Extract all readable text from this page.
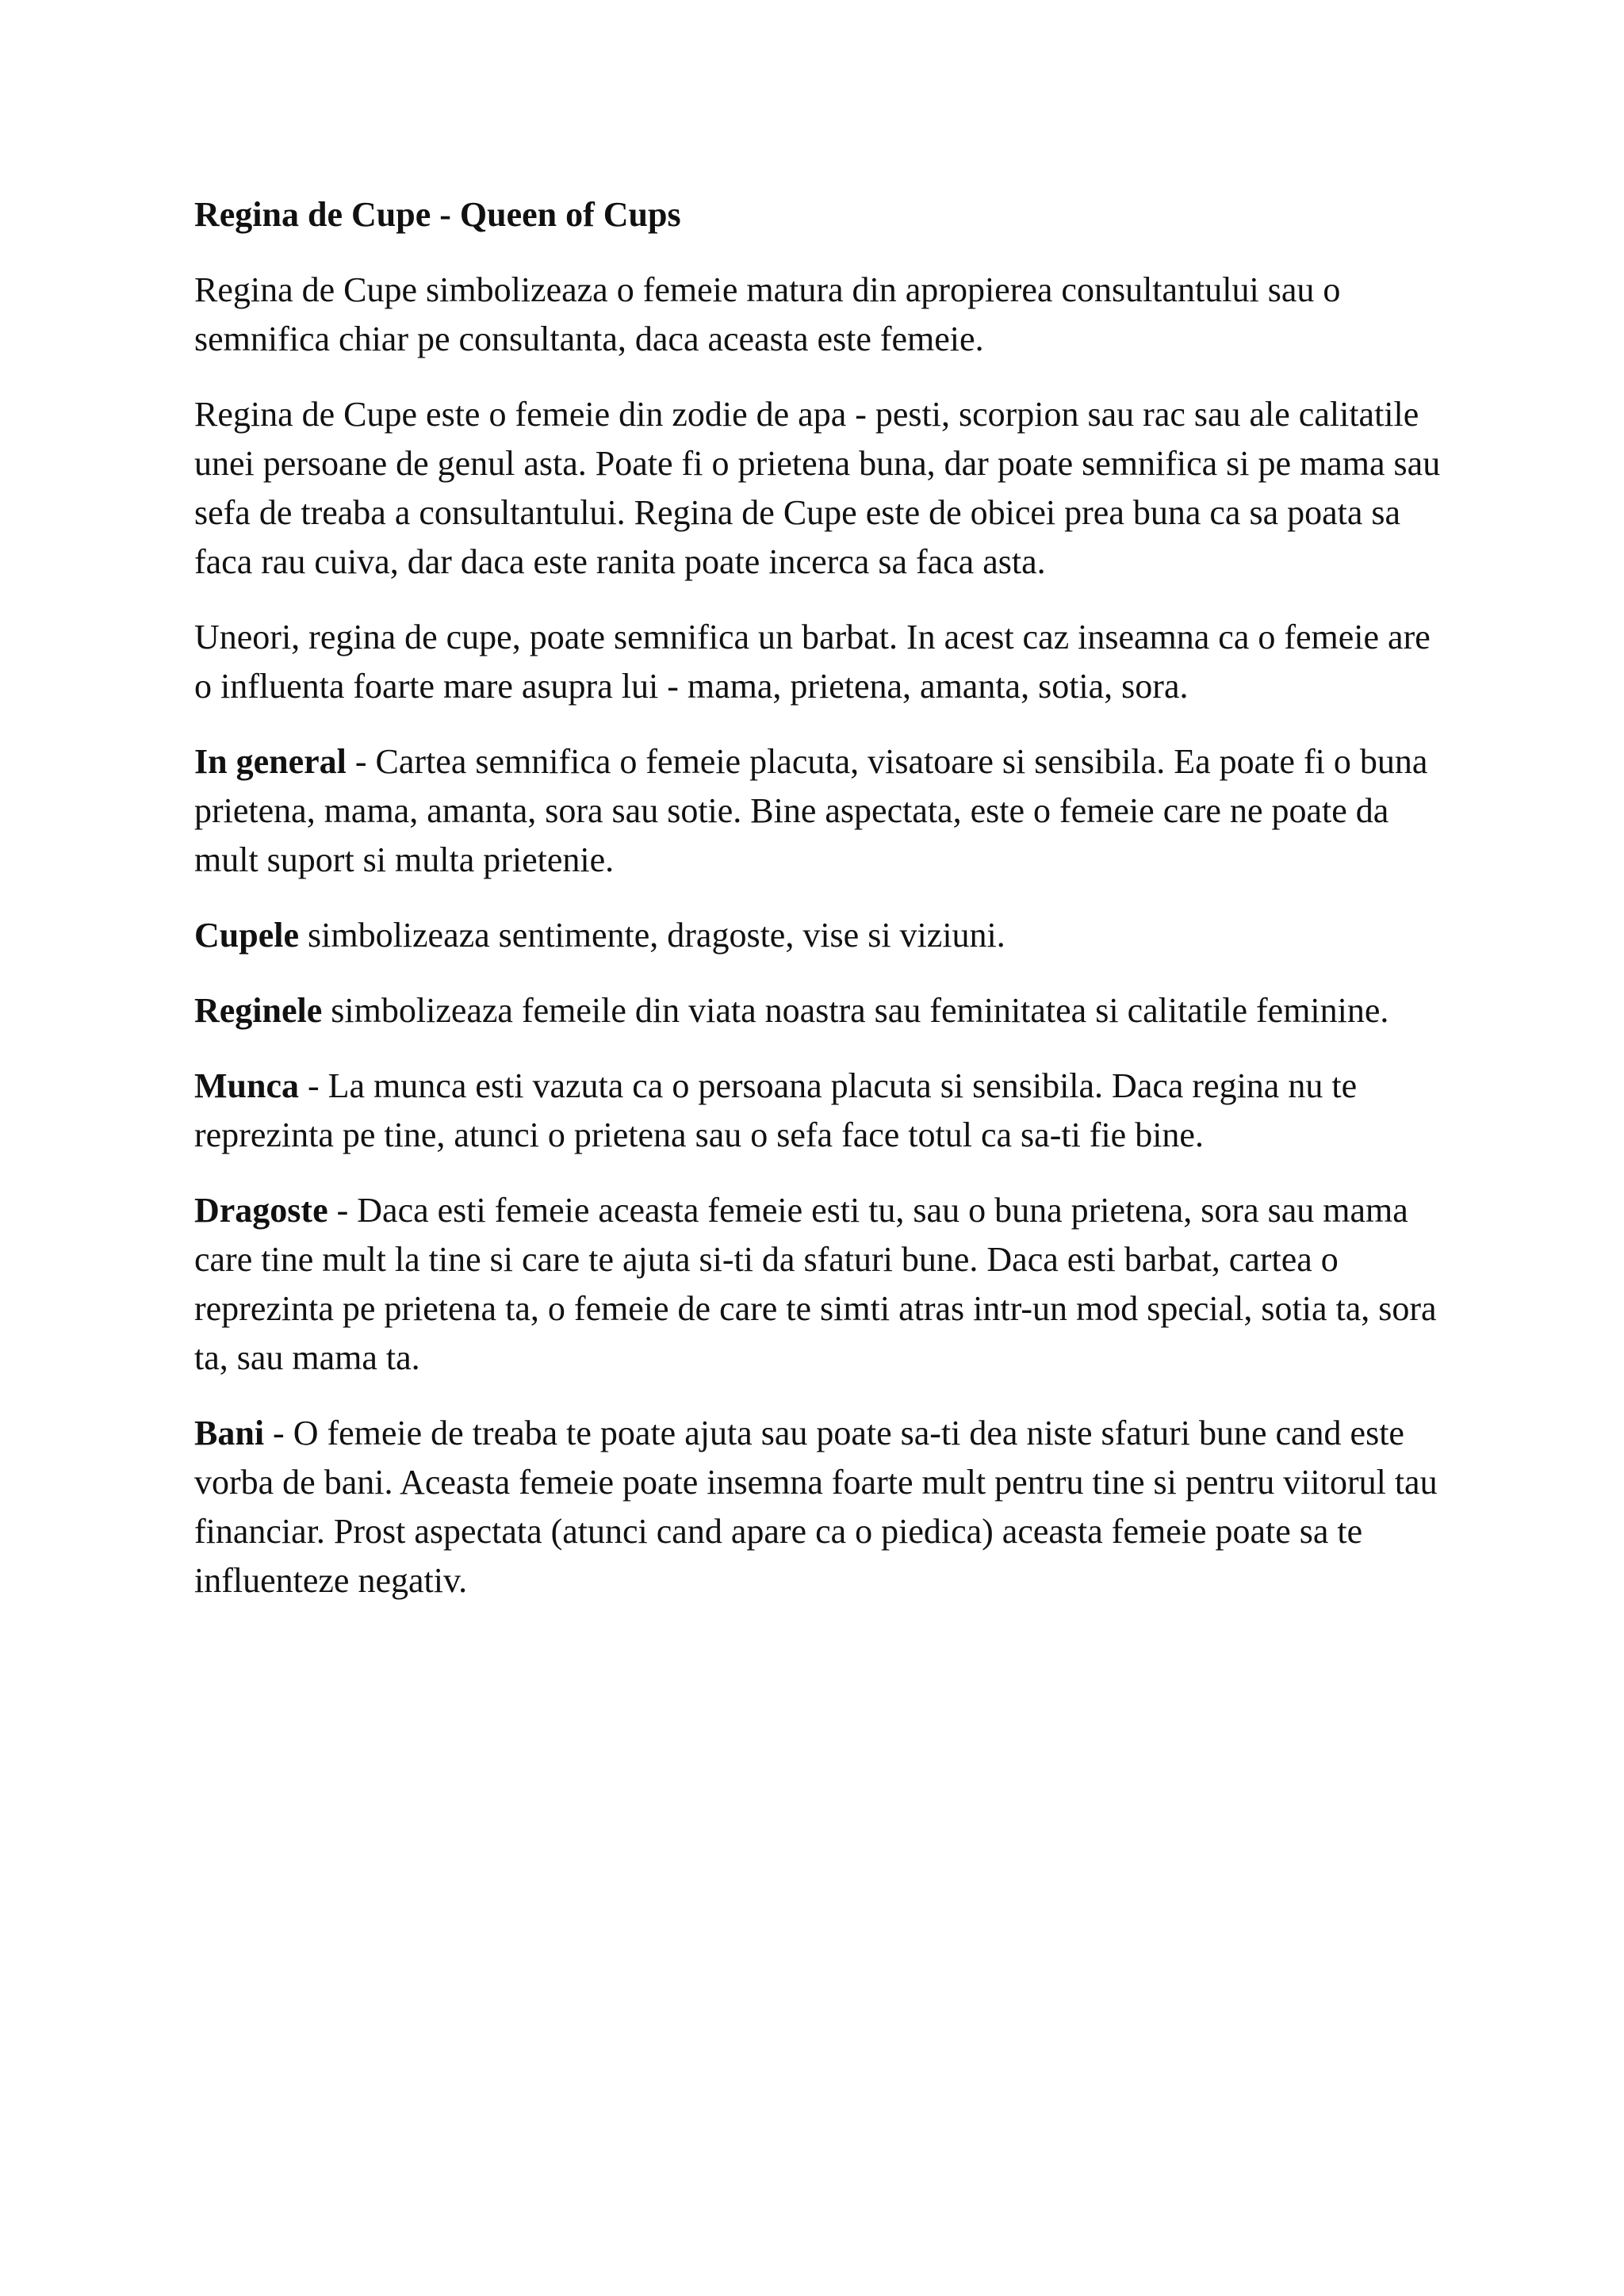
Regina de Cupe - Queen of Cups

Regina de Cupe simbolizeaza o femeie matura din apropierea consultantului sau o semnifica chiar pe consultanta, daca aceasta este femeie.

Regina de Cupe este o femeie din zodie de apa - pesti, scorpion sau rac sau ale calitatile unei persoane de genul asta. Poate fi o prietena buna, dar poate semnifica si pe mama sau sefa de treaba a consultantului. Regina de Cupe este de obicei prea buna ca sa poata sa faca rau cuiva, dar daca este ranita poate incerca sa faca asta.

Uneori, regina de cupe, poate semnifica un barbat. In acest caz inseamna ca o femeie are o influenta foarte mare asupra lui - mama, prietena, amanta, sotia, sora.

In general - Cartea semnifica o femeie placuta, visatoare si sensibila. Ea poate fi o buna prietena, mama, amanta, sora sau sotie. Bine aspectata, este o femeie care ne poate da mult suport si multa prietenie.

Cupele simbolizeaza sentimente, dragoste, vise si viziuni.

Reginele simbolizeaza femeile din viata noastra sau feminitatea si calitatile feminine.

Munca - La munca esti vazuta ca o persoana placuta si sensibila. Daca regina nu te reprezinta pe tine, atunci o prietena sau o sefa face totul ca sa-ti fie bine.

Dragoste - Daca esti femeie aceasta femeie esti tu, sau o buna prietena, sora sau mama care tine mult la tine si care te ajuta si-ti da sfaturi bune. Daca esti barbat, cartea o reprezinta pe prietena ta, o femeie de care te simti atras intr-un mod special, sotia ta, sora ta, sau mama ta.

Bani - O femeie de treaba te poate ajuta sau poate sa-ti dea niste sfaturi bune cand este vorba de bani. Aceasta femeie poate insemna foarte mult pentru tine si pentru viitorul tau financiar. Prost aspectata (atunci cand apare ca o piedica) aceasta femeie poate sa te influenteze negativ.
